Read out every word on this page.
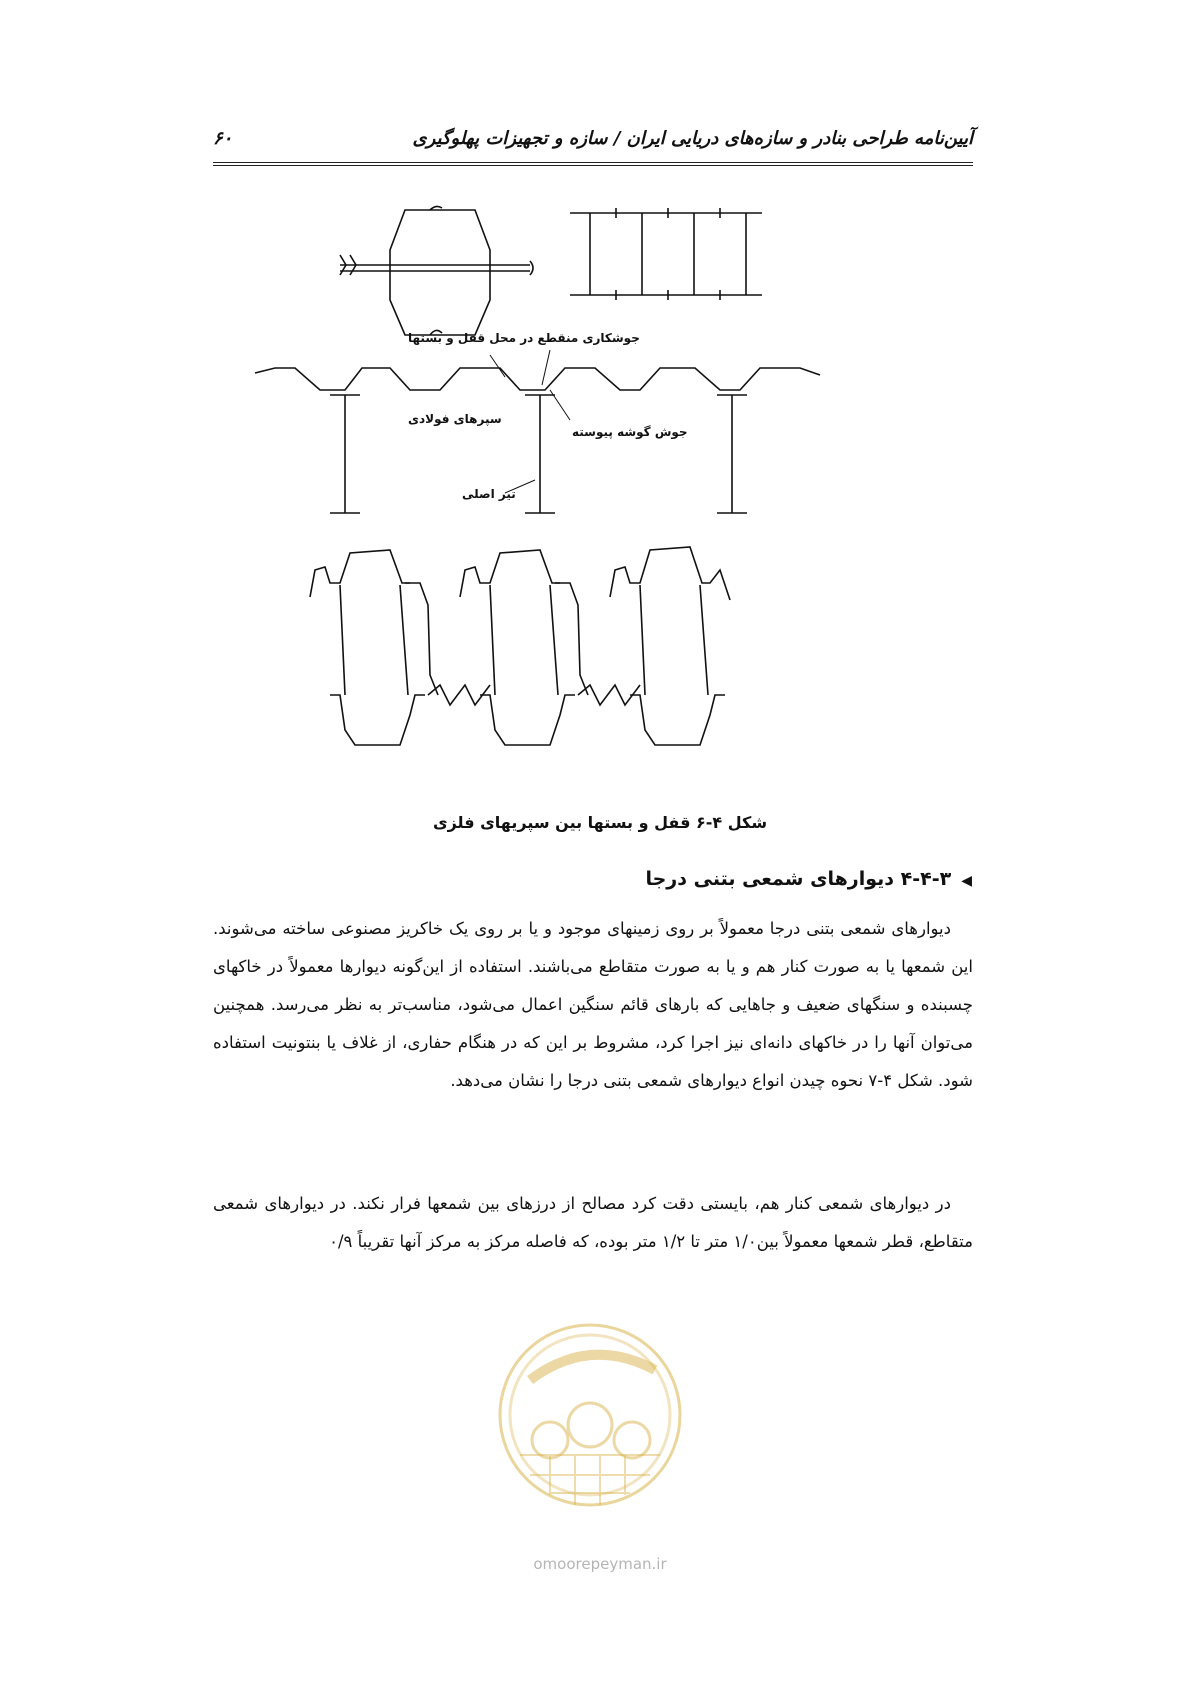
آیین‌نامه طراحی بنادر و سازه‌های دریایی ایران / سازه و تجهیزات پهلوگیری
۶۰
جوشکاری منقطع در محل قفل و بستها
سپرهای فولادی
جوش گوشه پیوسته
تیر اصلی
شکل ۴-۶ قفل و بستها بین سپریهای فلزی
◀۴-۴-۳ دیوارهای شمعی بتنی درجا

دیوارهای شمعی بتنی درجا معمولاً بر روی زمینهای موجود و یا بر روی یک خاکریز مصنوعی ساخته می‌شوند. این شمعها یا به صورت کنار هم و یا به صورت متقاطع می‌باشند. استفاده از این‌گونه دیوارها معمولاً در خاکهای چسبنده و سنگهای ضعیف و جاهایی که بارهای قائم سنگین اعمال می‌شود، مناسب‌تر به نظر می‌رسد. همچنین می‌توان آنها را در خاکهای دانه‌ای نیز اجرا کرد، مشروط بر این که در هنگام حفاری، از غلاف یا بنتونیت استفاده شود. شکل ۴-۷ نحوه چیدن انواع دیوارهای شمعی بتنی درجا را نشان می‌دهد.

در دیوارهای شمعی کنار هم، بایستی دقت کرد مصالح از درزهای بین شمعها فرار نکند. در دیوارهای شمعی متقاطع، قطر شمعها معمولاً بین۱/۰ متر تا ۱/۲ متر بوده، که فاصله مرکز به مرکز آنها تقریباً ۰/۹

omoorepeyman.ir
